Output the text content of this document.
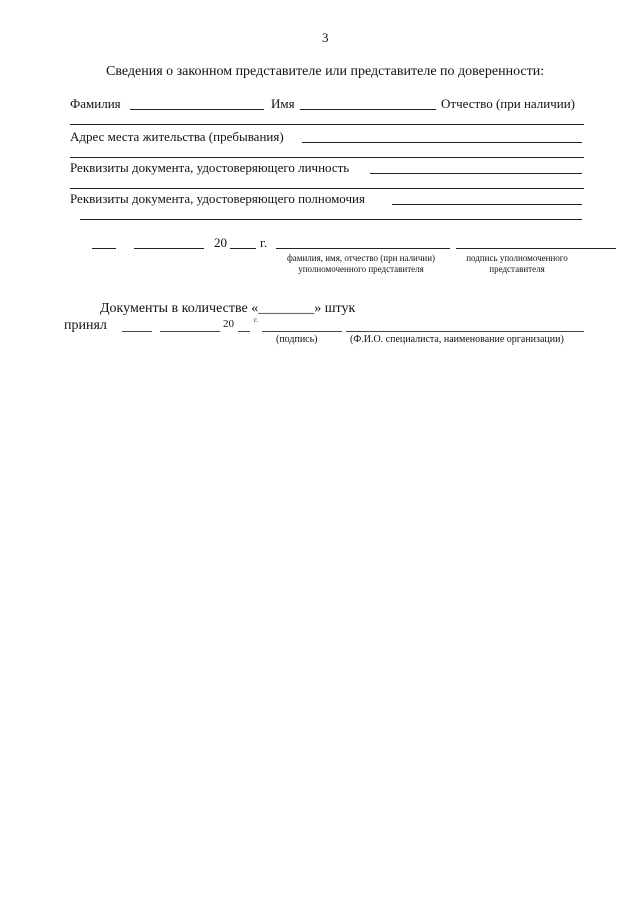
3
Сведения о законном представителе или представителе по доверенности:
Фамилия	Имя	Отчество (при наличии)
Адрес места жительства (пребывания)
Реквизиты документа, удостоверяющего личность
Реквизиты документа, удостоверяющего полномочия
20	г.
фамилия, имя, отчество (при наличии) уполномоченного представителя
подпись уполномоченного представителя
Документы в количестве «________» штук
принял	20	г.
(подпись)	(Ф.И.О. специалиста, наименование организации)
